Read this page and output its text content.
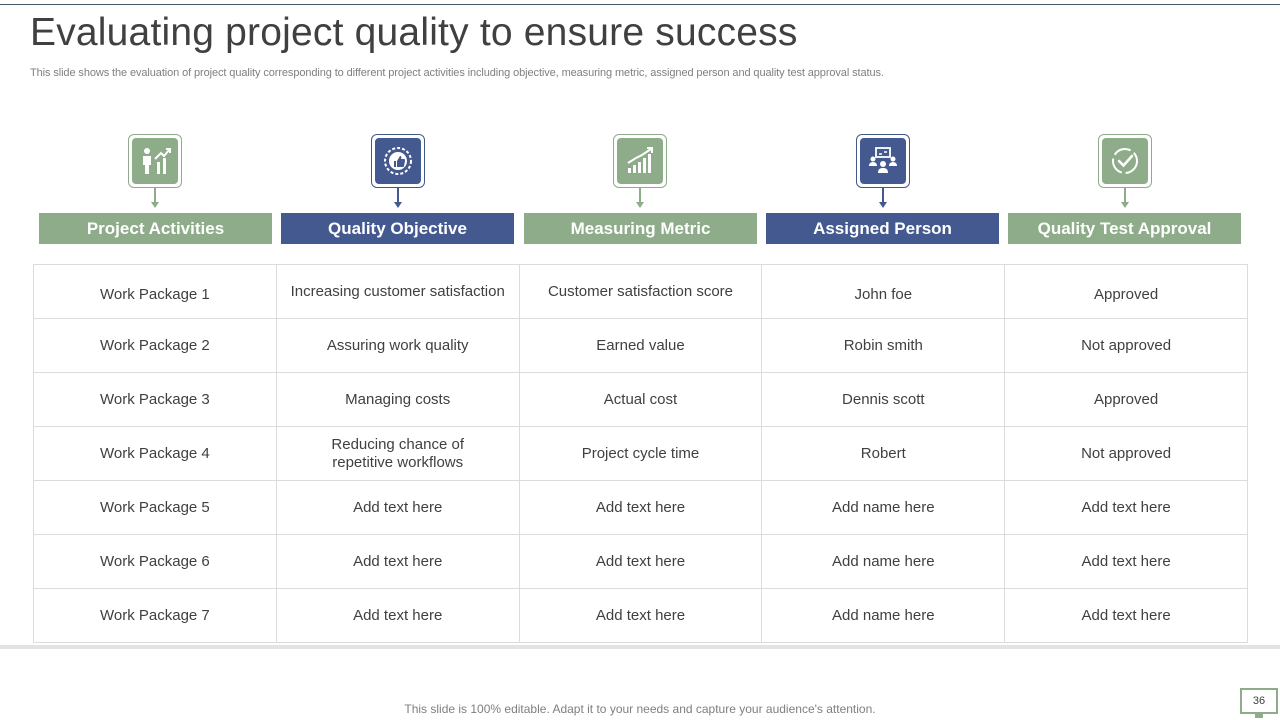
Evaluating project quality to ensure success

This slide shows the evaluation of project quality corresponding to different project activities including objective, measuring metric, assigned person and quality test approval status.

Project Activities	Quality Objective	Measuring Metric	Assigned Person	Quality Test Approval
Work Package 1	Increasing customer satisfaction	Customer satisfaction score	John foe	Approved
Work Package 2	Assuring work quality	Earned value	Robin smith	Not approved
Work Package 3	Managing costs	Actual cost	Dennis scott	Approved
Work Package 4	Reducing chance of repetitive workflows	Project cycle time	Robert	Not approved
Work Package 5	Add text here	Add text here	Add name here	Add text here
Work Package 6	Add text here	Add text here	Add name here	Add text here
Work Package 7	Add text here	Add text here	Add name here	Add text here

This slide is 100% editable. Adapt it to your needs and capture your audience's attention.

36
